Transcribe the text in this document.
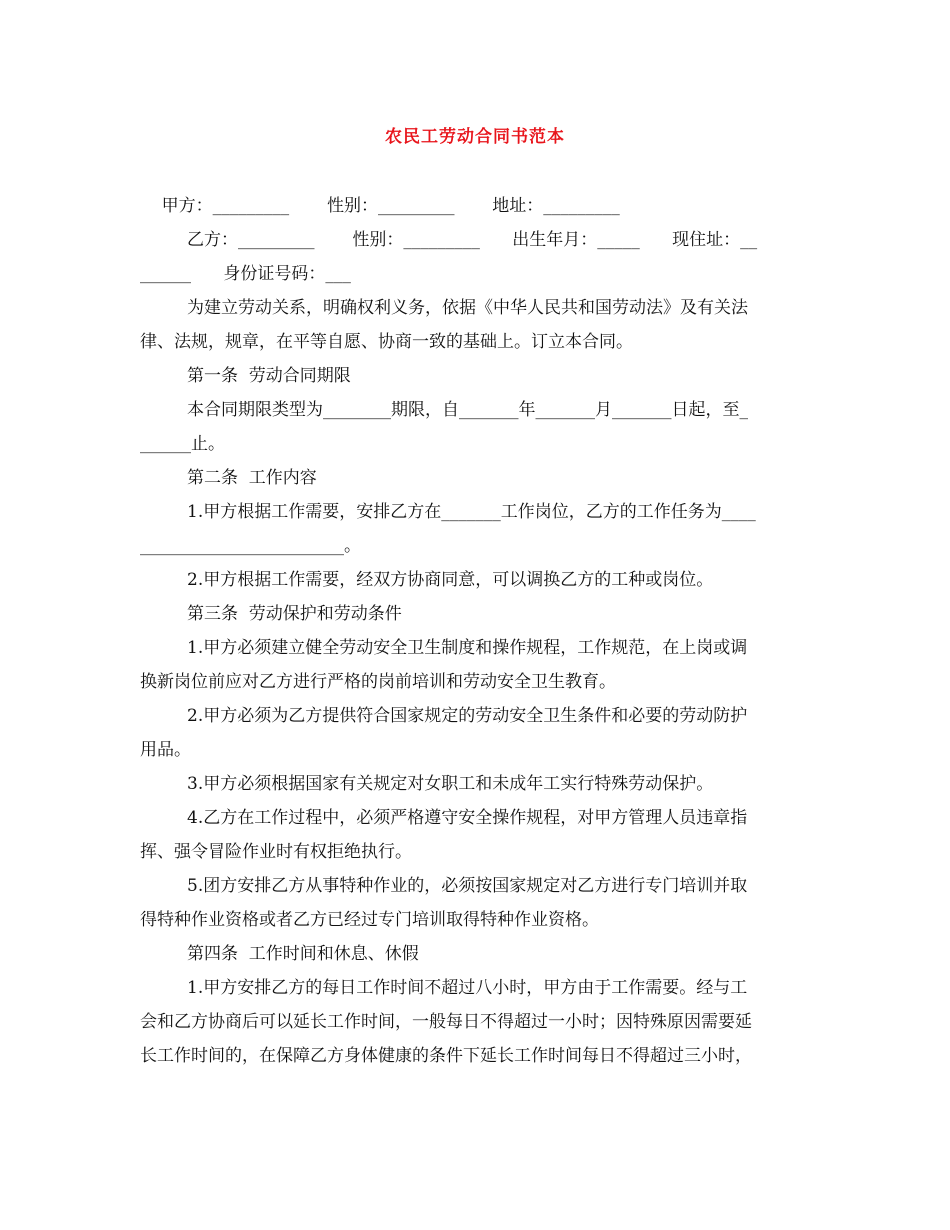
农民工劳动合同书范本
甲方：_________       性别：_________       地址：_________
乙方：_________       性别：_________      出生年月：_____      现住址：__
______      身份证号码：___
为建立劳动关系，明确权利义务，依据《中华人民共和国劳动法》及有关法
律、法规，规章，在平等自愿、协商一致的基础上。订立本合同。
第一条  劳动合同期限
本合同期限类型为________期限，自_______年_______月_______日起，至_
______止。
第二条  工作内容
1.甲方根据工作需要，安排乙方在_______工作岗位，乙方的工作任务为____
________________________。
2.甲方根据工作需要，经双方协商同意，可以调换乙方的工种或岗位。
第三条  劳动保护和劳动条件
1.甲方必须建立健全劳动安全卫生制度和操作规程，工作规范，在上岗或调
换新岗位前应对乙方进行严格的岗前培训和劳动安全卫生教育。
2.甲方必须为乙方提供符合国家规定的劳动安全卫生条件和必要的劳动防护
用品。
3.甲方必须根据国家有关规定对女职工和未成年工实行特殊劳动保护。
4.乙方在工作过程中，必须严格遵守安全操作规程，对甲方管理人员违章指
挥、强令冒险作业时有权拒绝执行。
5.团方安排乙方从事特种作业的，必须按国家规定对乙方进行专门培训并取
得特种作业资格或者乙方已经过专门培训取得特种作业资格。
第四条  工作时间和休息、休假
1.甲方安排乙方的每日工作时间不超过八小时，甲方由于工作需要。经与工
会和乙方协商后可以延长工作时间，一般每日不得超过一小时；因特殊原因需要延
长工作时间的，在保障乙方身体健康的条件下延长工作时间每日不得超过三小时，
